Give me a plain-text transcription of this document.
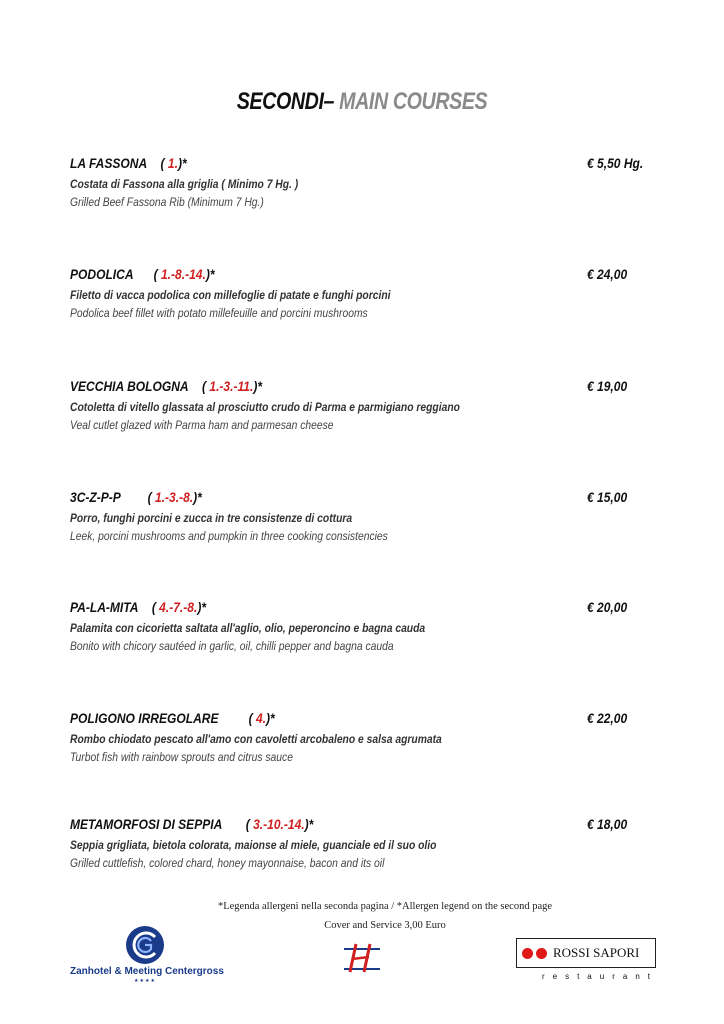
SECONDI– MAIN COURSES
LA FASSONA ( 1.)*	€ 5,50 Hg.
Costata di Fassona alla griglia ( Minimo 7 Hg. )
Grilled Beef Fassona Rib (Minimum 7 Hg.)
PODOLICA ( 1.-8.-14.)*	€ 24,00
Filetto di vacca podolica con millefoglie di patate e funghi porcini
Podolica beef fillet with potato millefeuille and porcini mushrooms
VECCHIA BOLOGNA ( 1.-3.-11.)*	€ 19,00
Cotoletta di vitello glassata al prosciutto crudo di Parma e parmigiano reggiano
Veal cutlet glazed with Parma ham and parmesan cheese
3C-Z-P-P ( 1.-3.-8.)*	€ 15,00
Porro, funghi porcini e zucca in tre consistenze di cottura
Leek, porcini mushrooms and pumpkin in three cooking consistencies
PA-LA-MITA ( 4.-7.-8.)*	€ 20,00
Palamita con cicorietta saltata all'aglio, olio, peperoncino e bagna cauda
Bonito with chicory sautéed in garlic, oil, chilli pepper and bagna cauda
POLIGONO IRREGOLARE ( 4.)*	€ 22,00
Rombo chiodato pescato all'amo con cavoletti arcobaleno e salsa agrumata
Turbot fish with rainbow sprouts and citrus sauce
METAMORFOSI DI SEPPIA ( 3.-10.-14.)*	€ 18,00
Seppia grigliata, bietola colorata, maionse al miele, guanciale ed il suo olio
Grilled cuttlefish, colored chard, honey mayonnaise, bacon and its oil
*Legenda allergeni nella seconda pagina / *Allergen legend on the second page
Cover and Service 3,00 Euro
Zanhotel & Meeting Centergross
★★★★
ROSSI SAPORI
restaurant
